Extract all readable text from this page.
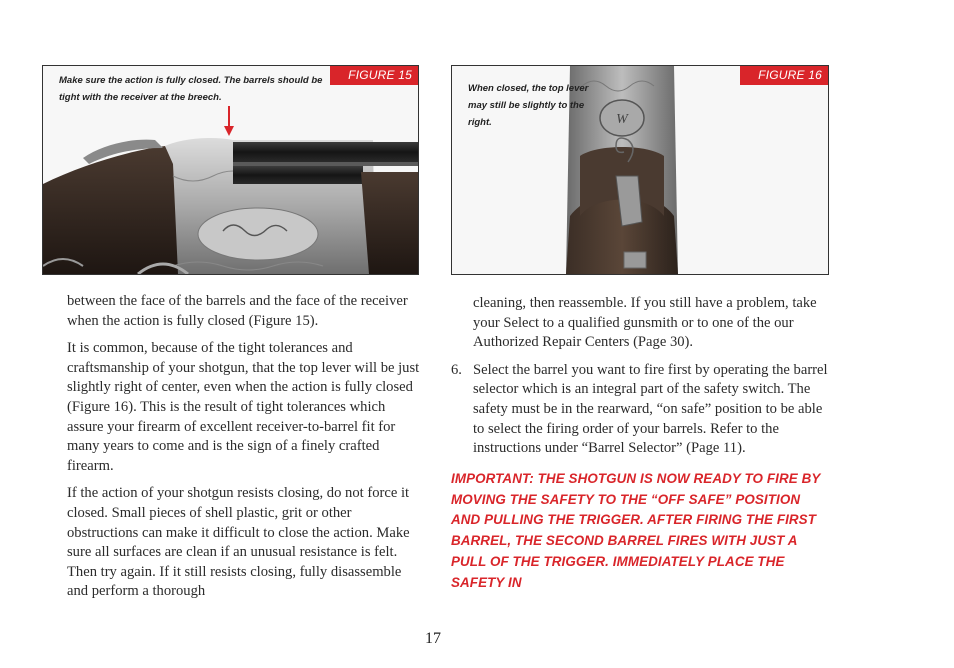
FIGURE 15
Make sure the action is fully closed. The barrels should be tight with the receiver at the breech.
W
FIGURE 16
When closed, the top lever may still be slightly to the right.

between the face of the barrels and the face of the receiver when the action is fully closed (Figure 15).

It is common, because of the tight tolerances and craftsmanship of your shotgun, that the top lever will be just slightly right of center, even when the action is fully closed (Figure 16). This is the result of tight tolerances which assure your firearm of excellent receiver-to-barrel fit for many years to come and is the sign of a finely crafted firearm.

If the action of your shotgun resists closing, do not force it closed. Small pieces of shell plastic, grit or other obstructions can make it difficult to close the action. Make sure all surfaces are clean if an unusual resistance is felt. Then try again. If it still resists closing, fully disassemble and perform a thorough

cleaning, then reassemble. If you still have a problem, take your Select to a qualified gunsmith or to one of the our Authorized Repair Centers (Page 30).

6. Select the barrel you want to fire first by operating the barrel selector which is an integral part of the safety switch. The safety must be in the rearward, “on safe” position to be able to select the firing order of your barrels. Refer to the instructions under “Barrel Selector” (Page 11).
IMPORTANT: THE SHOTGUN IS NOW READY TO FIRE BY MOVING THE SAFETY TO THE “OFF SAFE” POSITION AND PULLING THE TRIGGER. AFTER FIRING THE FIRST BARREL, THE SECOND BARREL FIRES WITH JUST A PULL OF THE TRIGGER. IMMEDIATELY PLACE THE SAFETY IN
17
